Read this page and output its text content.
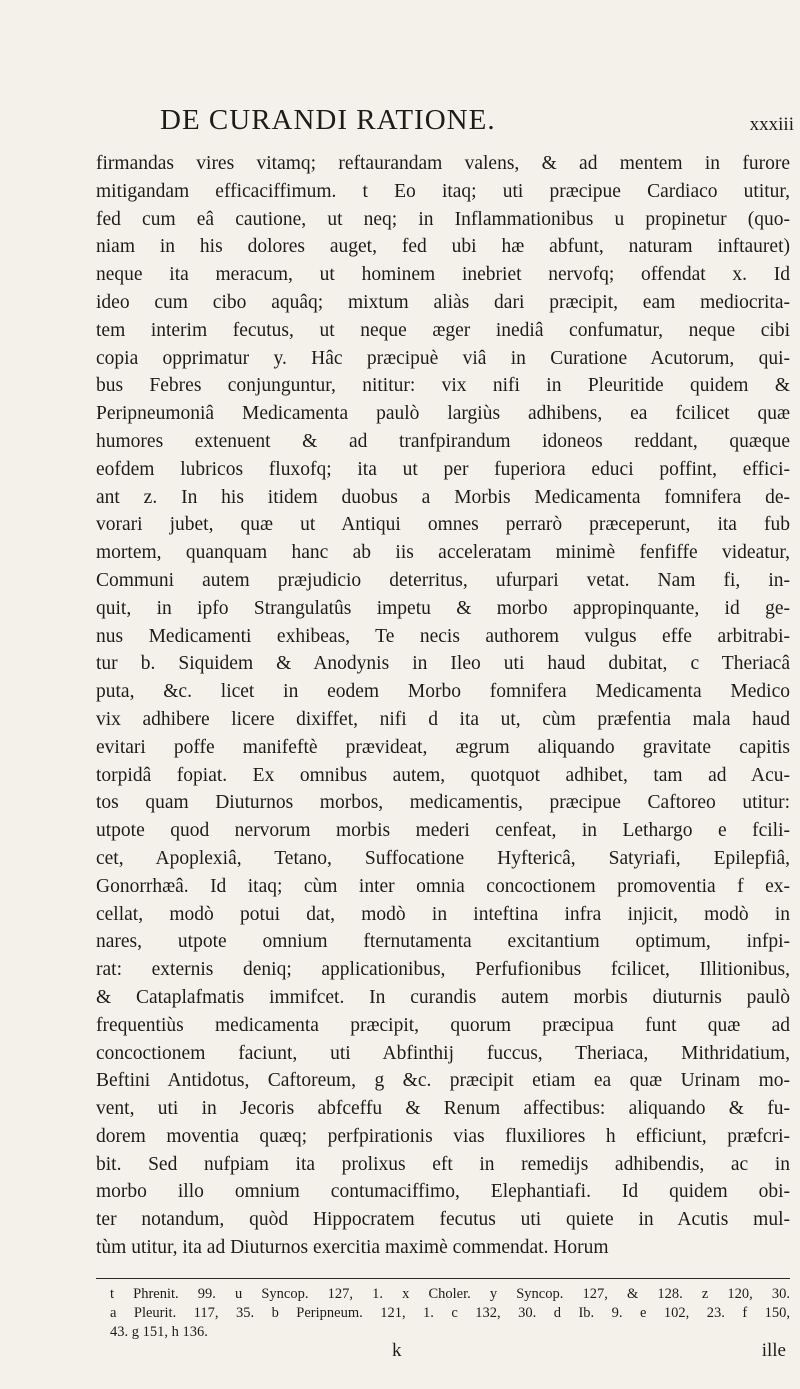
DE CURANDI RATIONE.	xxxiii
firmandas vires vitamq; reftaurandam valens, & ad mentem in furore
mitigandam efficaciffimum. t Eo itaq; uti præcipue Cardiaco utitur,
fed cum eâ cautione, ut neq; in Inflammationibus u propinetur (quo-
niam in his dolores auget, fed ubi hæ abfunt, naturam inftauret)
neque ita meracum, ut hominem inebriet nervofq; offendat x. Id
ideo cum cibo aquâq; mixtum aliàs dari præcipit, eam mediocrita-
tem interim fecutus, ut neque æger inediâ confumatur, neque cibi
copia opprimatur y. Hâc præcipuè viâ in Curatione Acutorum, qui-
bus Febres conjunguntur, nititur: vix nifi in Pleuritide quidem &
Peripneumoniâ Medicamenta paulò largiùs adhibens, ea fcilicet quæ
humores extenuent & ad tranfpirandum idoneos reddant, quæque
eofdem lubricos fluxofq; ita ut per fuperiora educi poffint, effici-
ant z. In his itidem duobus a Morbis Medicamenta fomnifera de-
vorari jubet, quæ ut Antiqui omnes perrarò præceperunt, ita fub
mortem, quanquam hanc ab iis acceleratam minimè fenfiffe videatur,
Communi autem præjudicio deterritus, ufurpari vetat. Nam fi, in-
quit, in ipfo Strangulatûs impetu & morbo appropinquante, id ge-
nus Medicamenti exhibeas, Te necis authorem vulgus effe arbitrabi-
tur b. Siquidem & Anodynis in Ileo uti haud dubitat, c Theriacâ
puta, &c. licet in eodem Morbo fomnifera Medicamenta Medico
vix adhibere licere dixiffet, nifi d ita ut, cùm præfentia mala haud
evitari poffe manifeftè prævideat, ægrum aliquando gravitate capitis
torpidâ fopiat. Ex omnibus autem, quotquot adhibet, tam ad Acu-
tos quam Diuturnos morbos, medicamentis, præcipue Caftoreo utitur:
utpote quod nervorum morbis mederi cenfeat, in Lethargo e fcili-
cet, Apoplexiâ, Tetano, Suffocatione Hyftericâ, Satyriafi, Epilepfiâ,
Gonorrhæâ. Id itaq; cùm inter omnia concoctionem promoventia f ex-
cellat, modò potui dat, modò in inteftina infra injicit, modò in
nares, utpote omnium fternutamenta excitantium optimum, infpi-
rat: externis deniq; applicationibus, Perfufionibus fcilicet, Illitionibus,
& Cataplafmatis immifcet. In curandis autem morbis diuturnis paulò
frequentiùs medicamenta præcipit, quorum præcipua funt quæ ad
concoctionem faciunt, uti Abfinthij fuccus, Theriaca, Mithridatium,
Beftini Antidotus, Caftoreum, g &c. præcipit etiam ea quæ Urinam mo-
vent, uti in Jecoris abfceffu & Renum affectibus: aliquando & fu-
dorem moventia quæq; perfpirationis vias fluxiliores h efficiunt, præfcri-
bit. Sed nufpiam ita prolixus eft in remedijs adhibendis, ac in
morbo illo omnium contumaciffimo, Elephantiafi. Id quidem obi-
ter notandum, quòd Hippocratem fecutus uti quiete in Acutis mul-
tùm utitur, ita ad Diuturnos exercitia maximè commendat. Horum
t Phrenit. 99. u Syncop. 127, 1. x Choler. y Syncop. 127, & 128. z 120, 30.
a Pleurit. 117, 35. b Peripneum. 121, 1. c 132, 30. d Ib. 9. e 102, 23. f 150,
43. g 151, h 136.
k	ille
